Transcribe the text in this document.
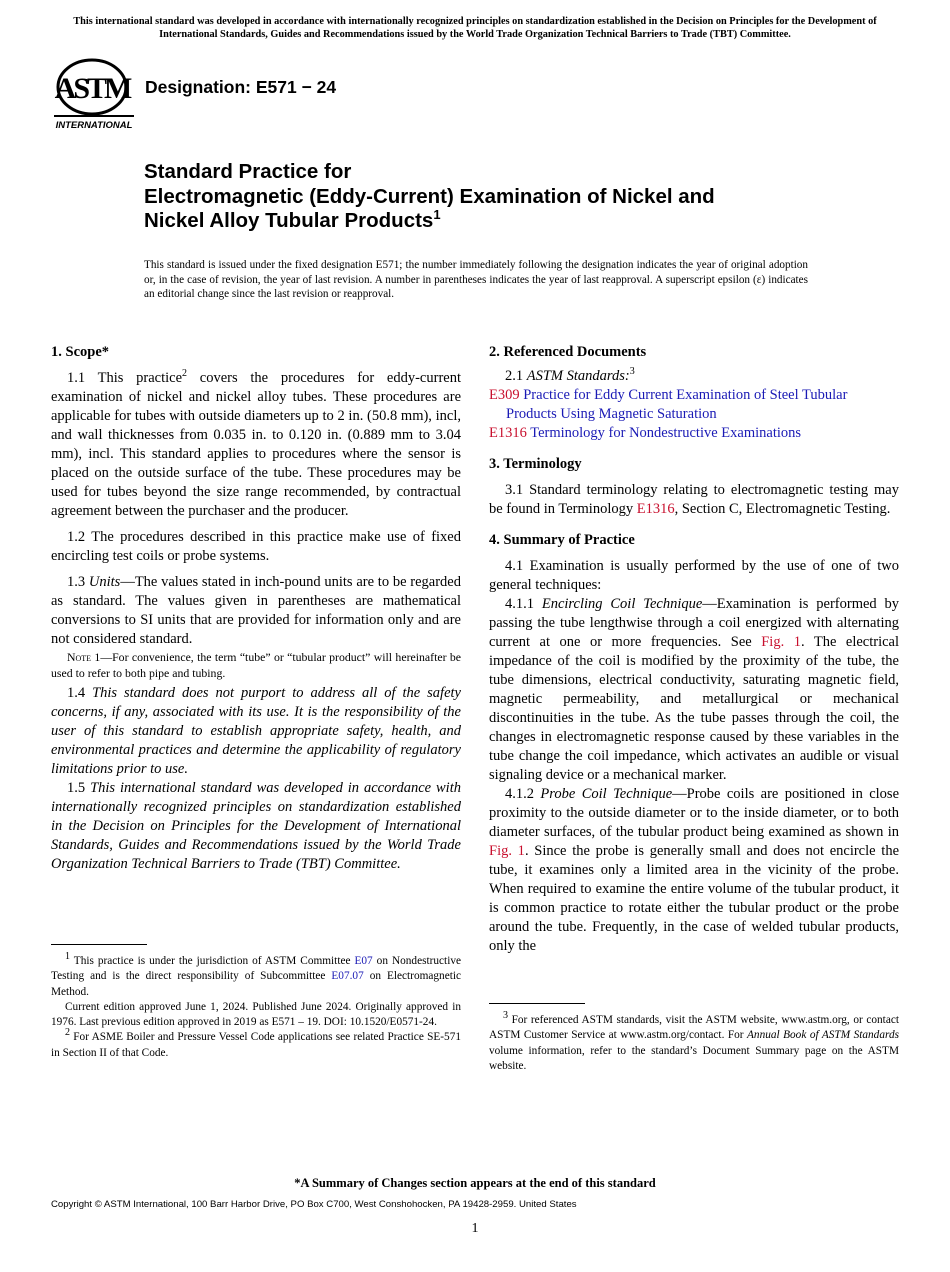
This international standard was developed in accordance with internationally recognized principles on standardization established in the Decision on Principles for the Development of International Standards, Guides and Recommendations issued by the World Trade Organization Technical Barriers to Trade (TBT) Committee.
ASTM
INTERNATIONAL
Designation: E571 − 24
Standard Practice for
Electromagnetic (Eddy-Current) Examination of Nickel and
Nickel Alloy Tubular Products$^1$
This standard is issued under the fixed designation E571; the number immediately following the designation indicates the year of original adoption or, in the case of revision, the year of last revision. A number in parentheses indicates the year of last reapproval. A superscript epsilon (ε) indicates an editorial change since the last revision or reapproval.
1. Scope*

1.1 This practice$^2$ covers the procedures for eddy-current examination of nickel and nickel alloy tubes. These procedures are applicable for tubes with outside diameters up to 2 in. (50.8 mm), incl, and wall thicknesses from 0.035 in. to 0.120 in. (0.889 mm to 3.04 mm), incl. This standard applies to procedures where the sensor is placed on the outside surface of the tube. These procedures may be used for tubes beyond the size range recommended, by contractual agreement between the purchaser and the producer.

1.2 The procedures described in this practice make use of fixed encircling test coils or probe systems.

1.3 Units—The values stated in inch-pound units are to be regarded as standard. The values given in parentheses are mathematical conversions to SI units that are provided for information only and are not considered standard.

Note 1—For convenience, the term “tube” or “tubular product” will hereinafter be used to refer to both pipe and tubing.

1.4 This standard does not purport to address all of the safety concerns, if any, associated with its use. It is the responsibility of the user of this standard to establish appropriate safety, health, and environmental practices and determine the applicability of regulatory limitations prior to use.

1.5 This international standard was developed in accordance with internationally recognized principles on standardization established in the Decision on Principles for the Development of International Standards, Guides and Recommendations issued by the World Trade Organization Technical Barriers to Trade (TBT) Committee.

$^1$ This practice is under the jurisdiction of ASTM Committee E07 on Nondestructive Testing and is the direct responsibility of Subcommittee E07.07 on Electromagnetic Method.

Current edition approved June 1, 2024. Published June 2024. Originally approved in 1976. Last previous edition approved in 2019 as E571 – 19. DOI: 10.1520/E0571-24.

$^2$ For ASME Boiler and Pressure Vessel Code applications see related Practice SE-571 in Section II of that Code.

2. Referenced Documents

2.1 ASTM Standards:$^3$

E309 Practice for Eddy Current Examination of Steel Tubular Products Using Magnetic Saturation
E1316 Terminology for Nondestructive Examinations
3. Terminology

3.1 Standard terminology relating to electromagnetic testing may be found in Terminology E1316, Section C, Electromagnetic Testing.

4. Summary of Practice

4.1 Examination is usually performed by the use of one of two general techniques:

4.1.1 Encircling Coil Technique—Examination is performed by passing the tube lengthwise through a coil energized with alternating current at one or more frequencies. See Fig. 1. The electrical impedance of the coil is modified by the proximity of the tube, the tube dimensions, electrical conductivity, saturating magnetic field, magnetic permeability, and metallurgical or mechanical discontinuities in the tube. As the tube passes through the coil, the changes in electromagnetic response caused by these variables in the tube change the coil impedance, which activates an audible or visual signaling device or a mechanical marker.

4.1.2 Probe Coil Technique—Probe coils are positioned in close proximity to the outside diameter or to the inside diameter, or to both diameter surfaces, of the tubular product being examined as shown in Fig. 1. Since the probe is generally small and does not encircle the tube, it examines only a limited area in the vicinity of the probe. When required to examine the entire volume of the tubular product, it is common practice to rotate either the tubular product or the probe around the tube. Frequently, in the case of welded tubular products, only the

$^3$ For referenced ASTM standards, visit the ASTM website, www.astm.org, or contact ASTM Customer Service at www.astm.org/contact. For Annual Book of ASTM Standards volume information, refer to the standard’s Document Summary page on the ASTM website.

*A Summary of Changes section appears at the end of this standard
Copyright © ASTM International, 100 Barr Harbor Drive, PO Box C700, West Conshohocken, PA 19428-2959. United States
1
